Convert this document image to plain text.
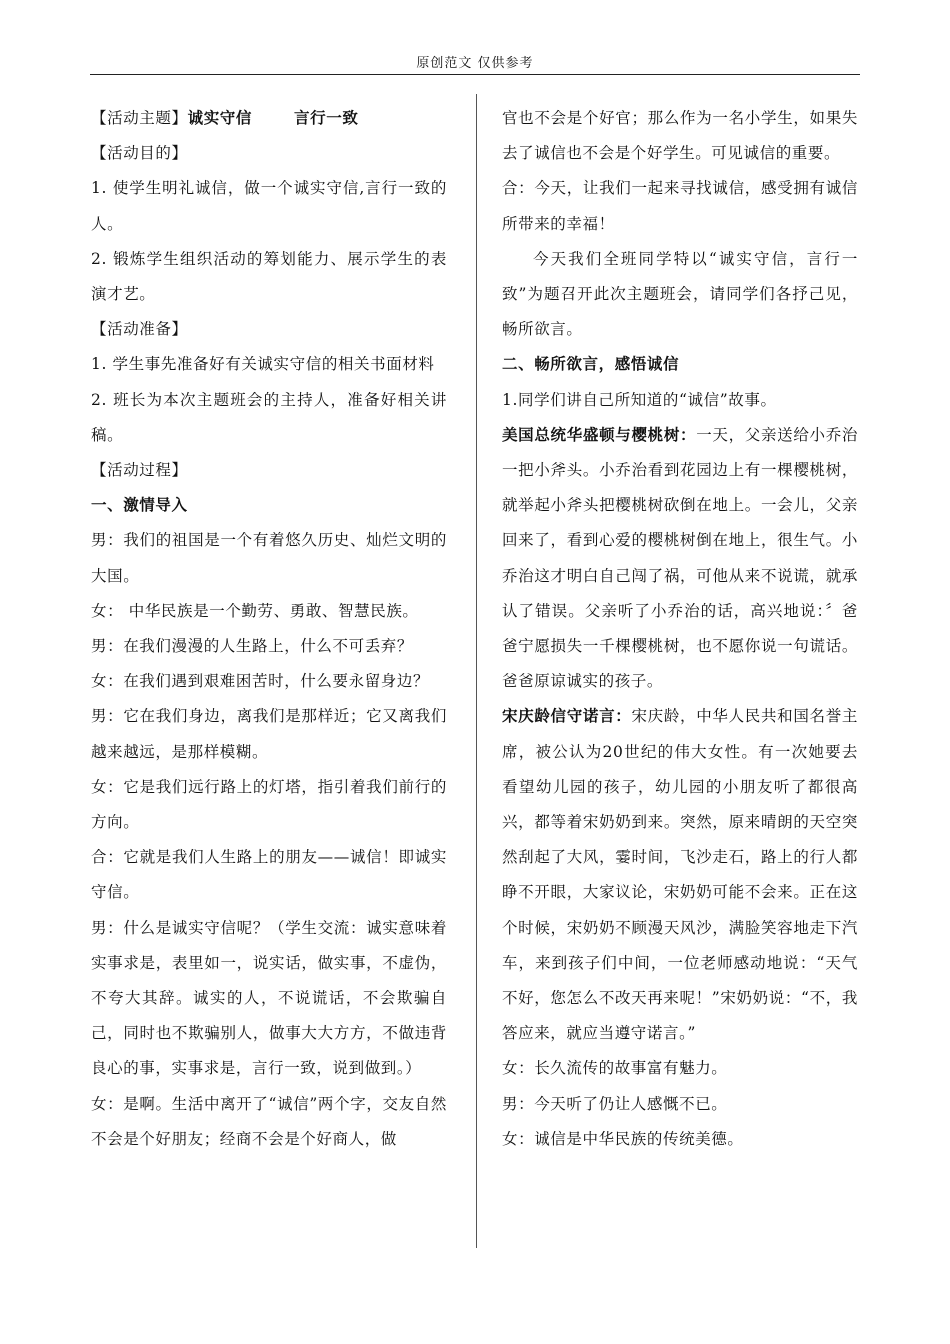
原创范文 仅供参考

【活动主题】诚实守信	言行一致

【活动目的】

1. 使学生明礼诚信，做一个诚实守信,言行一致的人。

2. 锻炼学生组织活动的筹划能力、展示学生的表演才艺。

【活动准备】

1. 学生事先准备好有关诚实守信的相关书面材料

2. 班长为本次主题班会的主持人，准备好相关讲稿。

【活动过程】

一、激情导入

男：我们的祖国是一个有着悠久历史、灿烂文明的大国。

女： 中华民族是一个勤劳、勇敢、智慧民族。

男：在我们漫漫的人生路上，什么不可丢弃？

女：在我们遇到艰难困苦时，什么要永留身边？

男：它在我们身边，离我们是那样近；它又离我们越来越远，是那样模糊。

女：它是我们远行路上的灯塔，指引着我们前行的方向。

合：它就是我们人生路上的朋友——诚信！即诚实守信。

男：什么是诚实守信呢？（学生交流：诚实意味着实事求是，表里如一，说实话，做实事，不虚伪，不夸大其辞。诚实的人，不说谎话，不会欺骗自己，同时也不欺骗别人，做事大大方方，不做违背良心的事，实事求是，言行一致，说到做到。）

女：是啊。生活中离开了“诚信”两个字，交友自然不会是个好朋友；经商不会是个好商人，做

官也不会是个好官；那么作为一名小学生，如果失去了诚信也不会是个好学生。可见诚信的重要。

合：今天，让我们一起来寻找诚信，感受拥有诚信所带来的幸福！

今天我们全班同学特以“诚实守信，言行一致”为题召开此次主题班会，请同学们各抒己见，畅所欲言。

二、畅所欲言，感悟诚信

1.同学们讲自己所知道的“诚信”故事。

美国总统华盛顿与樱桃树：一天，父亲送给小乔治一把小斧头。小乔治看到花园边上有一棵樱桃树，就举起小斧头把樱桃树砍倒在地上。一会儿，父亲回来了，看到心爱的樱桃树倒在地上，很生气。小乔治这才明白自己闯了祸，可他从来不说谎，就承认了错误。父亲听了小乔治的话，高兴地说：〞爸爸宁愿损失一千棵樱桃树，也不愿你说一句谎话。爸爸原谅诚实的孩子。

宋庆龄信守诺言：宋庆龄，中华人民共和国名誉主席，被公认为20世纪的伟大女性。有一次她要去看望幼儿园的孩子，幼儿园的小朋友听了都很高兴，都等着宋奶奶到来。突然，原来晴朗的天空突然刮起了大风，霎时间，飞沙走石，路上的行人都睁不开眼，大家议论，宋奶奶可能不会来。正在这个时候，宋奶奶不顾漫天风沙，满脸笑容地走下汽车，来到孩子们中间，一位老师感动地说：“天气不好，您怎么不改天再来呢！”宋奶奶说：“不，我答应来，就应当遵守诺言。”

女：长久流传的故事富有魅力。

男：今天听了仍让人感慨不已。

女：诚信是中华民族的传统美德。
